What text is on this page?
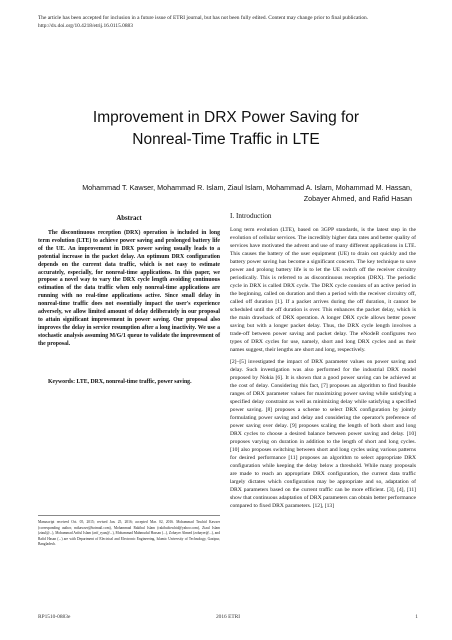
The article has been accepted for inclusion in a future issue of ETRI journal, but has not been fully edited. Content may change prior to final publication.
http://dx.doi.org/10.4218/etrij.16.0115.0883
Improvement in DRX Power Saving for
Nonreal-Time Traffic in LTE
Mohammad T. Kawser, Mohammad R. Islam, Ziaul Islam, Mohammad A. Islam, Mohammad M. Hassan,
Zobayer Ahmed, and Rafid Hasan
Abstract

The discontinuous reception (DRX) operation is included in long term evolution (LTE) to achieve power saving and prolonged battery life of the UE. An improvement in DRX power saving usually leads to a potential increase in the packet delay. An optimum DRX configuration depends on the current data traffic, which is not easy to estimate accurately, especially, for nonreal-time applications. In this paper, we propose a novel way to vary the DRX cycle length avoiding continuous estimation of the data traffic when only nonreal-time applications are running with no real-time applications active. Since small delay in nonreal-time traffic does not essentially impact the user's experience adversely, we allow limited amount of delay deliberately in our proposal to attain significant improvement in power saving. Our proposal also improves the delay in service resumption after a long inactivity. We use a stochastic analysis assuming M/G/1 queue to validate the improvement of the proposal.

Keywords: LTE, DRX, nonreal-time traffic, power saving.
Manuscript received Oct. 05, 2015; revised Jan. 25, 2016; accepted Mar. 02, 2016. Mohammad Tawhid Kawser (corresponding author, mtkawser@hotmail.com), Mohammad Rakibul Islam (rakibultowhid@yahoo.com), Ziaul Islam (ziaul@...), Mohammad Ariful Islam (arif_ryan@...), Mohammad Mahmudul Hassan (...), Zobayer Ahmed (zobayer@...), and Rafid Hasan (...) are with Department of Electrical and Electronic Engineering, Islamic University of Technology, Gazipur, Bangladesh.
I. Introduction

Long term evolution (LTE), based on 3GPP standards, is the latest step in the evolution of cellular services. The incredibly higher data rates and better quality of services have motivated the advent and use of many different applications in LTE. This causes the battery of the user equipment (UE) to drain out quickly and the battery power saving has become a significant concern. The key technique to save power and prolong battery life is to let the UE switch off the receiver circuitry periodically. This is referred to as discontinuous reception (DRX). The periodic cycle in DRX is called DRX cycle. The DRX cycle consists of an active period in the beginning, called on duration and then a period with the receiver circuitry off, called off duration [1]. If a packet arrives during the off duration, it cannot be scheduled until the off duration is over. This enhances the packet delay, which is the main drawback of DRX operation. A longer DRX cycle allows better power saving but with a longer packet delay. Thus, the DRX cycle length involves a trade-off between power saving and packet delay. The eNodeB configures two types of DRX cycles for use, namely, short and long DRX cycles and as their names suggest, their lengths are short and long, respectively.

[2]–[5] investigated the impact of DRX parameter values on power saving and delay. Such investigation was also performed for the industrial DRX model proposed by Nokia [6]. It is shown that a good power saving can be achieved at the cost of delay. Considering this fact, [7] proposes an algorithm to find feasible ranges of DRX parameter values for maximizing power saving while satisfying a specified delay constraint as well as minimizing delay while satisfying a specified power saving. [8] proposes a scheme to select DRX configuration by jointly formulating power saving and delay and considering the operator's preference of power saving over delay. [9] proposes scaling the length of both short and long DRX cycles to choose a desired balance between power saving and delay. [10] proposes varying on duration in addition to the length of short and long cycles. [10] also proposes switching between short and long cycles using various patterns for desired performance [11] proposes an algorithm to select appropriate DRX configuration while keeping the delay below a threshold. While many proposals are made to reach an appropriate DRX configuration, the current data traffic largely dictates which configuration may be appropriate and so, adaptation of DRX parameters based on the current traffic can be more efficient. [3], [4], [11] show that continuous adaptation of DRX parameters can obtain better performance compared to fixed DRX parameters. [12], [13]

RP1510-0883e	2016 ETRI	1
